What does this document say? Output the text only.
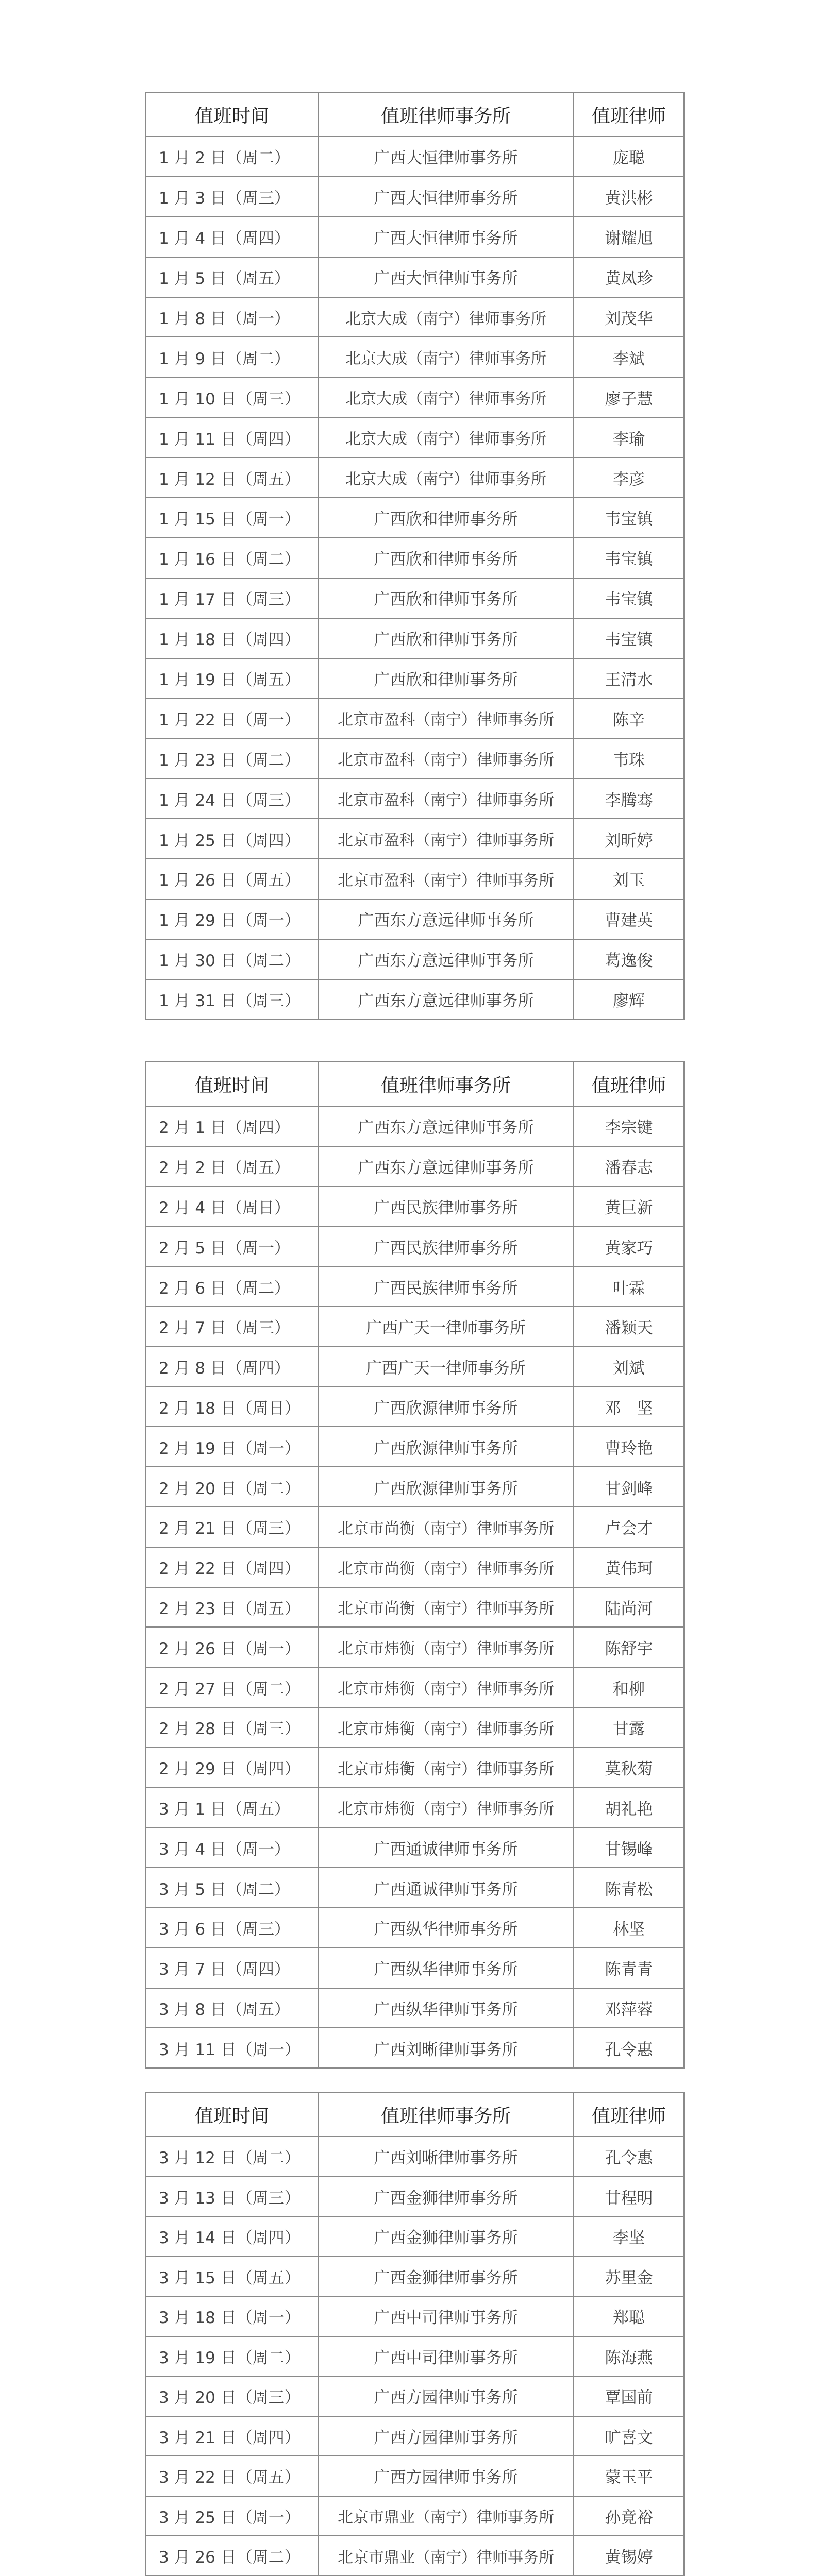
值班时间	值班律师事务所	值班律师
1 月 2 日（周二）	广西大恒律师事务所	庞聪
1 月 3 日（周三）	广西大恒律师事务所	黄洪彬
1 月 4 日（周四）	广西大恒律师事务所	谢耀旭
1 月 5 日（周五）	广西大恒律师事务所	黄凤珍
1 月 8 日（周一）	北京大成（南宁）律师事务所	刘茂华
1 月 9 日（周二）	北京大成（南宁）律师事务所	李斌
1 月 10 日（周三）	北京大成（南宁）律师事务所	廖子慧
1 月 11 日（周四）	北京大成（南宁）律师事务所	李瑜
1 月 12 日（周五）	北京大成（南宁）律师事务所	李彦
1 月 15 日（周一）	广西欣和律师事务所	韦宝镇
1 月 16 日（周二）	广西欣和律师事务所	韦宝镇
1 月 17 日（周三）	广西欣和律师事务所	韦宝镇
1 月 18 日（周四）	广西欣和律师事务所	韦宝镇
1 月 19 日（周五）	广西欣和律师事务所	王清水
1 月 22 日（周一）	北京市盈科（南宁）律师事务所	陈辛
1 月 23 日（周二）	北京市盈科（南宁）律师事务所	韦珠
1 月 24 日（周三）	北京市盈科（南宁）律师事务所	李腾骞
1 月 25 日（周四）	北京市盈科（南宁）律师事务所	刘昕婷
1 月 26 日（周五）	北京市盈科（南宁）律师事务所	刘玉
1 月 29 日（周一）	广西东方意远律师事务所	曹建英
1 月 30 日（周二）	广西东方意远律师事务所	葛逸俊
1 月 31 日（周三）	广西东方意远律师事务所	廖辉
值班时间	值班律师事务所	值班律师
2 月 1 日（周四）	广西东方意远律师事务所	李宗键
2 月 2 日（周五）	广西东方意远律师事务所	潘春志
2 月 4 日（周日）	广西民族律师事务所	黄巨新
2 月 5 日（周一）	广西民族律师事务所	黄家巧
2 月 6 日（周二）	广西民族律师事务所	叶霖
2 月 7 日（周三）	广西广天一律师事务所	潘颖天
2 月 8 日（周四）	广西广天一律师事务所	刘斌
2 月 18 日（周日）	广西欣源律师事务所	邓　坚
2 月 19 日（周一）	广西欣源律师事务所	曹玲艳
2 月 20 日（周二）	广西欣源律师事务所	甘剑峰
2 月 21 日（周三）	北京市尚衡（南宁）律师事务所	卢会才
2 月 22 日（周四）	北京市尚衡（南宁）律师事务所	黄伟珂
2 月 23 日（周五）	北京市尚衡（南宁）律师事务所	陆尚河
2 月 26 日（周一）	北京市炜衡（南宁）律师事务所	陈舒宇
2 月 27 日（周二）	北京市炜衡（南宁）律师事务所	和柳
2 月 28 日（周三）	北京市炜衡（南宁）律师事务所	甘露
2 月 29 日（周四）	北京市炜衡（南宁）律师事务所	莫秋菊
3 月 1 日（周五）	北京市炜衡（南宁）律师事务所	胡礼艳
3 月 4 日（周一）	广西通诚律师事务所	甘锡峰
3 月 5 日（周二）	广西通诚律师事务所	陈青松
3 月 6 日（周三）	广西纵华律师事务所	林坚
3 月 7 日（周四）	广西纵华律师事务所	陈青青
3 月 8 日（周五）	广西纵华律师事务所	邓萍蓉
3 月 11 日（周一）	广西刘晰律师事务所	孔令惠
值班时间	值班律师事务所	值班律师
3 月 12 日（周二）	广西刘晰律师事务所	孔令惠
3 月 13 日（周三）	广西金狮律师事务所	甘程明
3 月 14 日（周四）	广西金狮律师事务所	李坚
3 月 15 日（周五）	广西金狮律师事务所	苏里金
3 月 18 日（周一）	广西中司律师事务所	郑聪
3 月 19 日（周二）	广西中司律师事务所	陈海燕
3 月 20 日（周三）	广西方园律师事务所	覃国前
3 月 21 日（周四）	广西方园律师事务所	旷喜文
3 月 22 日（周五）	广西方园律师事务所	蒙玉平
3 月 25 日（周一）	北京市鼎业（南宁）律师事务所	孙竟裕
3 月 26 日（周二）	北京市鼎业（南宁）律师事务所	黄锡婷
